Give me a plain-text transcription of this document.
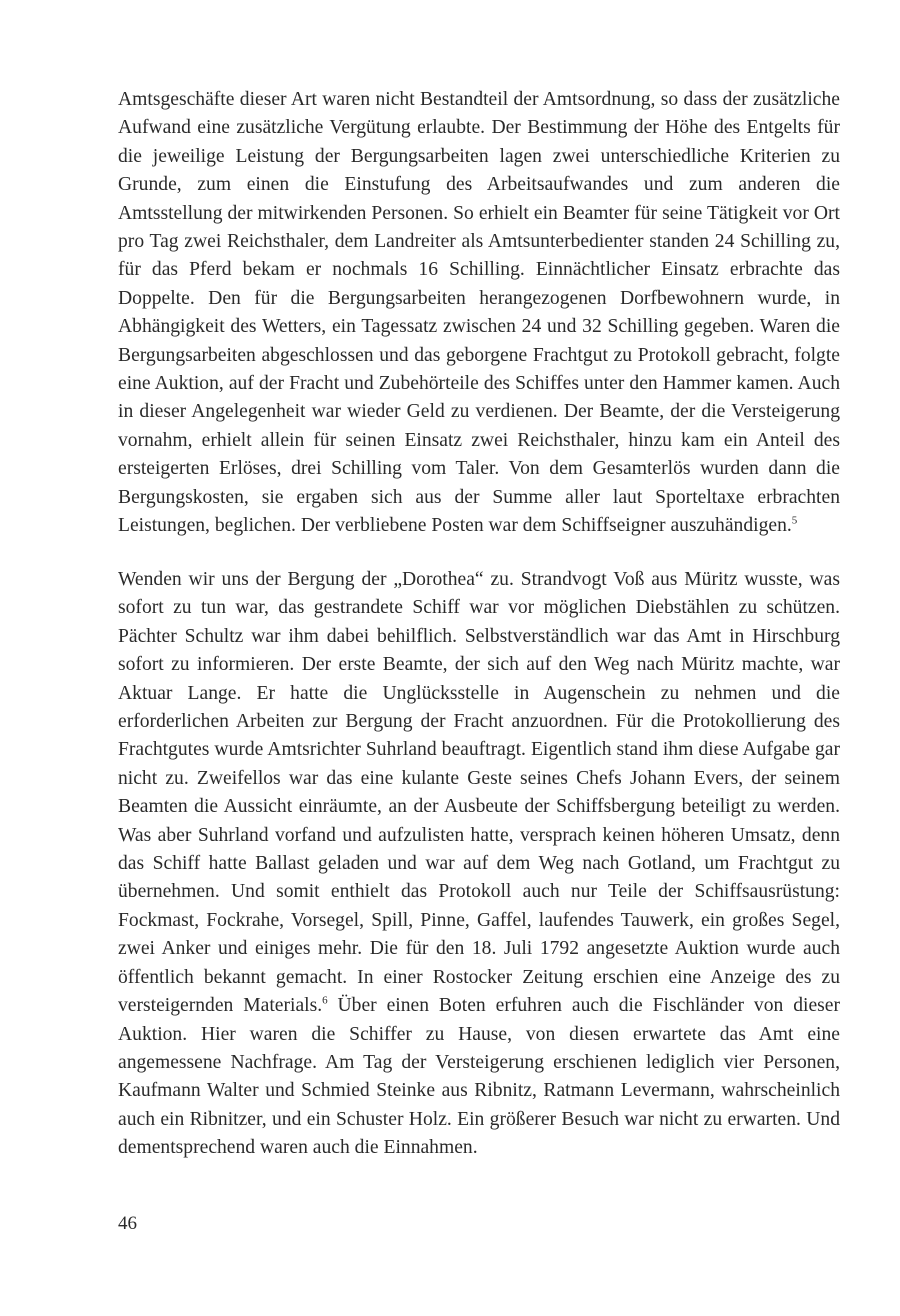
Amtsgeschäfte dieser Art waren nicht Bestandteil der Amtsordnung, so dass der zusätzliche Aufwand eine zusätzliche Vergütung erlaubte. Der Bestimmung der Höhe des Entgelts für die jeweilige Leistung der Bergungsarbeiten lagen zwei unterschiedliche Kriterien zu Grunde, zum einen die Einstufung des Arbeitsaufwandes und zum anderen die Amtsstellung der mitwirkenden Personen. So erhielt ein Beamter für seine Tätigkeit vor Ort pro Tag zwei Reichsthaler, dem Landreiter als Amtsunterbedienter standen 24 Schilling zu, für das Pferd bekam er nochmals 16 Schilling. Einnächtlicher Einsatz erbrachte das Doppelte. Den für die Bergungsarbeiten herangezogenen Dorfbewohnern wurde, in Abhängigkeit des Wetters, ein Tagessatz zwischen 24 und 32 Schilling gegeben. Waren die Bergungsarbeiten abgeschlossen und das geborgene Frachtgut zu Protokoll gebracht, folgte eine Auktion, auf der Fracht und Zubehörteile des Schiffes unter den Hammer kamen. Auch in dieser Angelegenheit war wieder Geld zu verdienen. Der Beamte, der die Versteigerung vornahm, erhielt allein für seinen Einsatz zwei Reichsthaler, hinzu kam ein Anteil des ersteigerten Erlöses, drei Schilling vom Taler. Von dem Gesamterlös wurden dann die Bergungskosten, sie ergaben sich aus der Summe aller laut Sporteltaxe erbrachten Leistungen, beglichen. Der verbliebene Posten war dem Schiffseigner auszuhändigen.$^5$

Wenden wir uns der Bergung der „Dorothea“ zu. Strandvogt Voß aus Müritz wusste, was sofort zu tun war, das gestrandete Schiff war vor möglichen Diebstählen zu schützen. Pächter Schultz war ihm dabei behilflich. Selbstverständlich war das Amt in Hirschburg sofort zu informieren. Der erste Beamte, der sich auf den Weg nach Müritz machte, war Aktuar Lange. Er hatte die Unglücksstelle in Augenschein zu nehmen und die erforderlichen Arbeiten zur Bergung der Fracht anzuordnen. Für die Protokollierung des Frachtgutes wurde Amtsrichter Suhrland beauftragt. Eigentlich stand ihm diese Aufgabe gar nicht zu. Zweifellos war das eine kulante Geste seines Chefs Johann Evers, der seinem Beamten die Aussicht einräumte, an der Ausbeute der Schiffsbergung beteiligt zu werden. Was aber Suhrland vorfand und aufzulisten hatte, versprach keinen höheren Umsatz, denn das Schiff hatte Ballast geladen und war auf dem Weg nach Gotland, um Frachtgut zu übernehmen. Und somit enthielt das Protokoll auch nur Teile der Schiffsausrüstung: Fockmast, Fockrahe, Vorsegel, Spill, Pinne, Gaffel, laufendes Tauwerk, ein großes Segel, zwei Anker und einiges mehr. Die für den 18. Juli 1792 angesetzte Auktion wurde auch öffentlich bekannt gemacht. In einer Rostocker Zeitung erschien eine Anzeige des zu versteigernden Materials.$^6$ Über einen Boten erfuhren auch die Fischländer von dieser Auktion. Hier waren die Schiffer zu Hause, von diesen erwartete das Amt eine angemessene Nachfrage. Am Tag der Versteigerung erschienen lediglich vier Personen, Kaufmann Walter und Schmied Steinke aus Ribnitz, Ratmann Levermann, wahrscheinlich auch ein Ribnitzer, und ein Schuster Holz. Ein größerer Besuch war nicht zu erwarten. Und dementsprechend waren auch die Einnahmen.

46
